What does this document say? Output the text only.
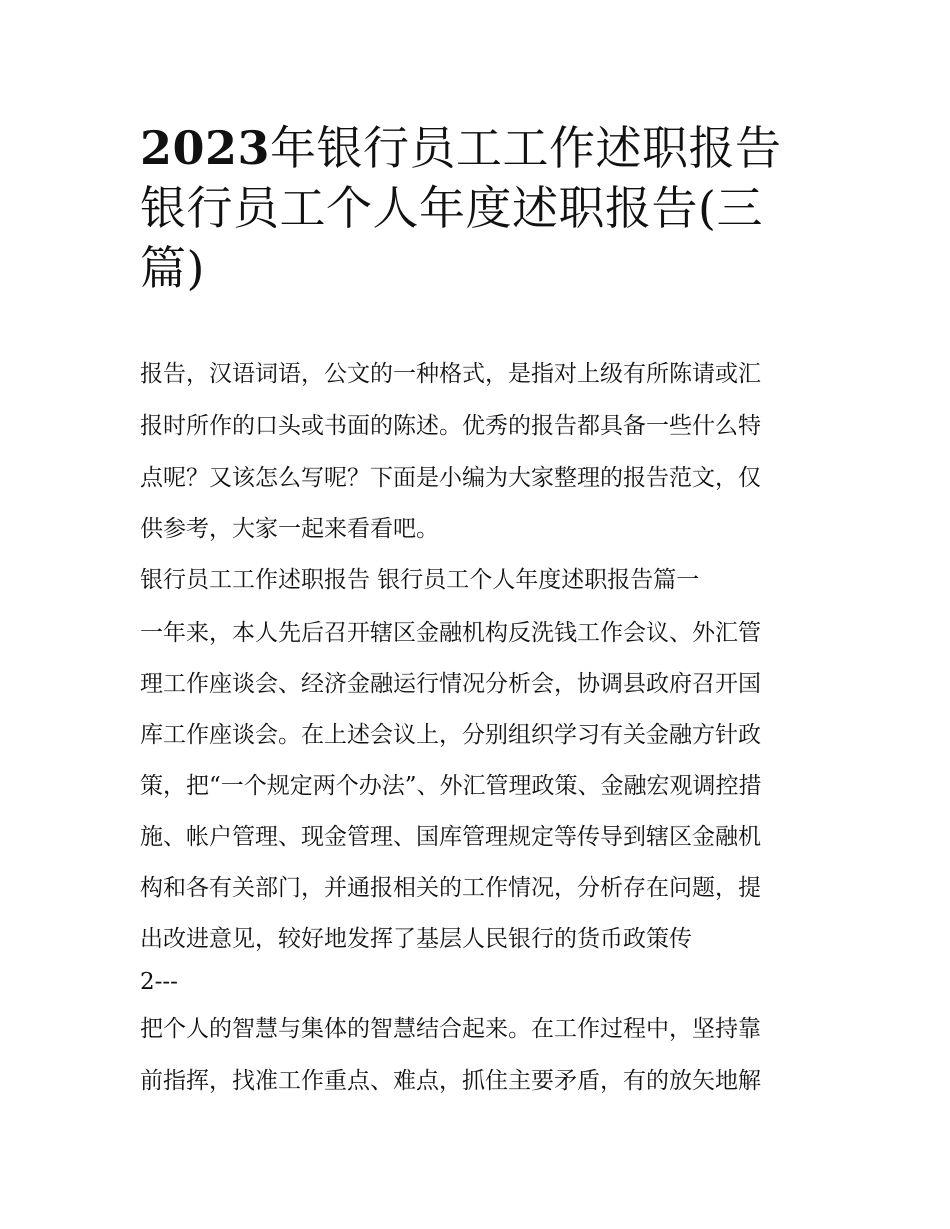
2023年银行员工工作述职报告
银行员工个人年度述职报告(三
篇)
报告，汉语词语，公文的一种格式，是指对上级有所陈请或汇
报时所作的口头或书面的陈述。优秀的报告都具备一些什么特
点呢？又该怎么写呢？下面是小编为大家整理的报告范文，仅
供参考，大家一起来看看吧。
银行员工工作述职报告 银行员工个人年度述职报告篇一
一年来，本人先后召开辖区金融机构反洗钱工作会议、外汇管
理工作座谈会、经济金融运行情况分析会，协调县政府召开国
库工作座谈会。在上述会议上，分别组织学习有关金融方针政
策，把“一个规定两个办法”、外汇管理政策、金融宏观调控措
施、帐户管理、现金管理、国库管理规定等传导到辖区金融机
构和各有关部门，并通报相关的工作情况，分析存在问题，提
出改进意见，较好地发挥了基层人民银行的货币政策传
2---
把个人的智慧与集体的智慧结合起来。在工作过程中，坚持靠
前指挥，找准工作重点、难点，抓住主要矛盾，有的放矢地解
